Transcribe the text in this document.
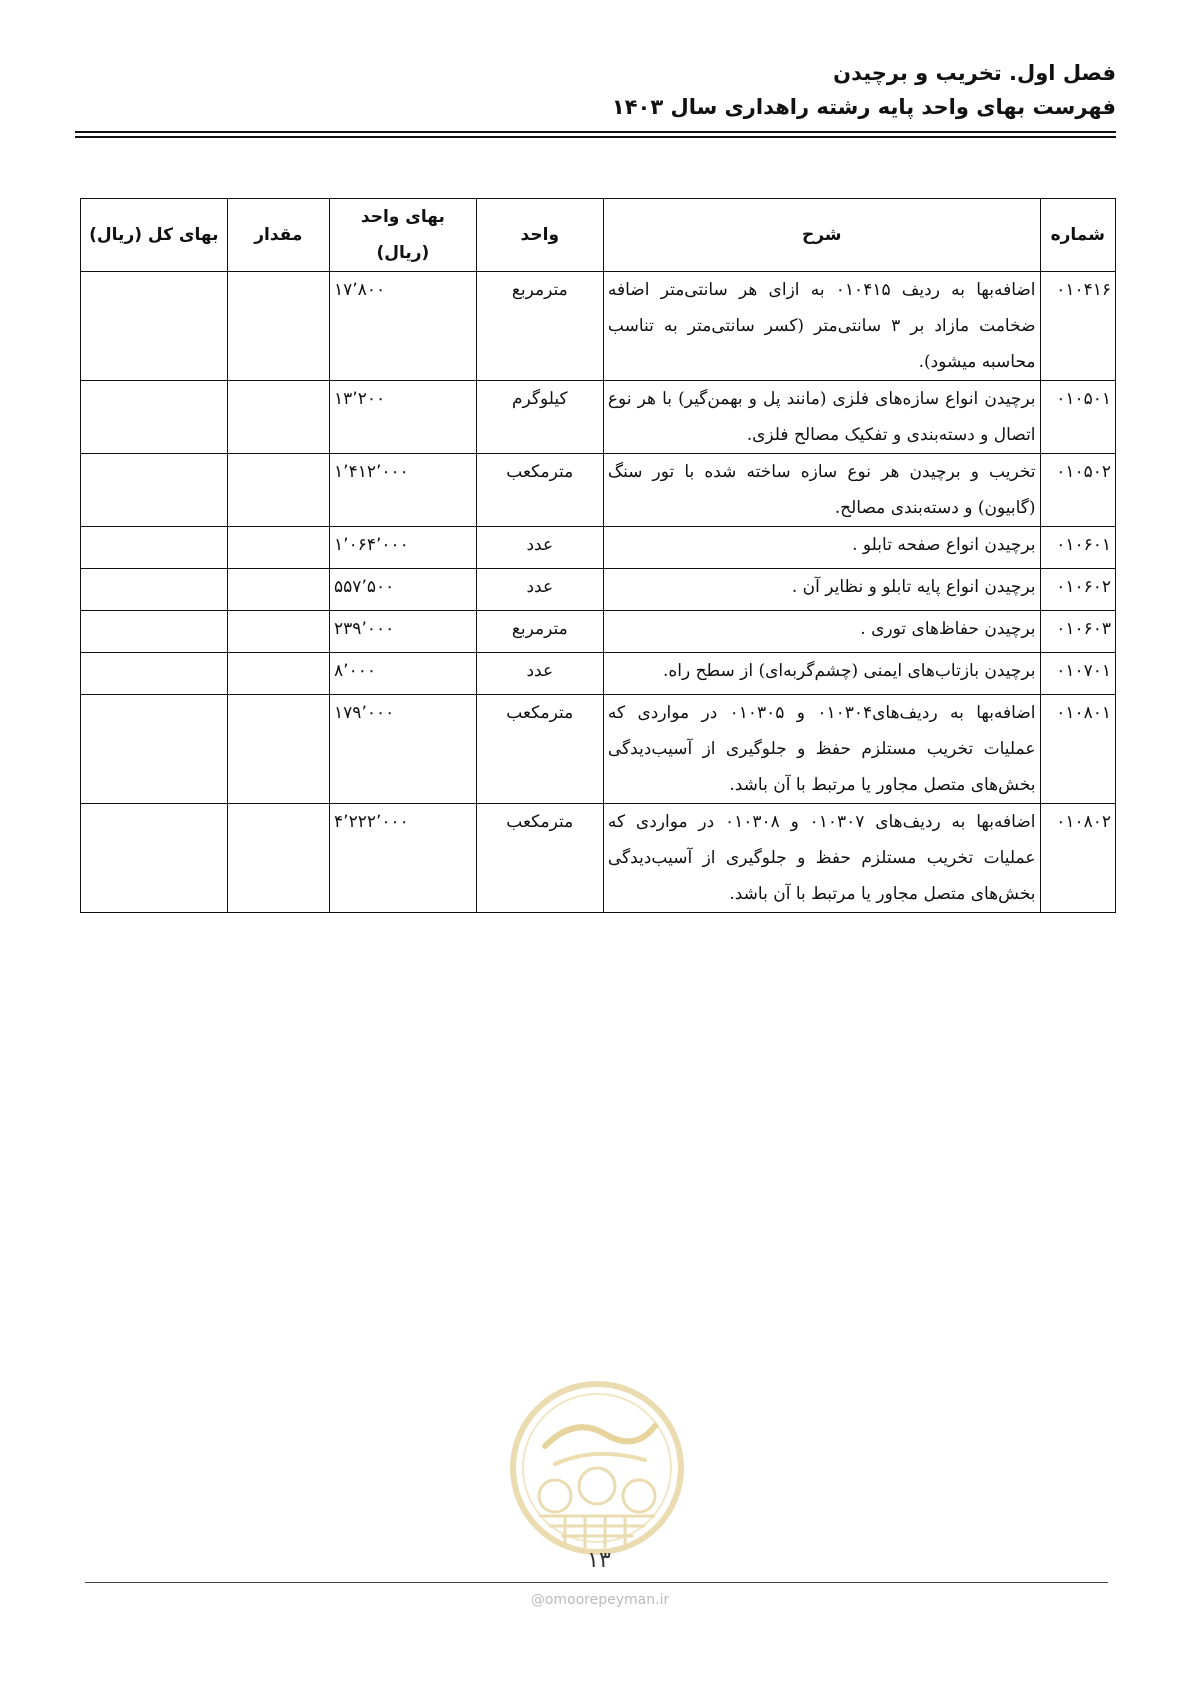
فصل اول. تخریب و برچیدن
فهرست بهای واحد پایه رشته راهداری سال ۱۴۰۳
شماره	شرح	واحد	بهای واحد (ریال)	مقدار	بهای کل (ریال)
۰۱۰۴۱۶	اضافه‌بها به ردیف ۰۱۰۴۱۵ به ازای هر سانتی‌متر اضافه ضخامت مازاد بر ۳ سانتی‌متر (کسر سانتی‌متر به تناسب محاسبه میشود).	مترمربع	۱۷٬۸۰۰		
۰۱۰۵۰۱	برچیدن انواع سازه‌های فلزی (مانند پل و بهمن‌گیر) با هر نوع اتصال و دسته‌بندی و تفکیک مصالح فلزی.	کیلوگرم	۱۳٬۲۰۰		
۰۱۰۵۰۲	تخریب و برچیدن هر نوع سازه ساخته شده با تور سنگ (گابیون) و دسته‌بندی مصالح.	مترمکعب	۱٬۴۱۲٬۰۰۰		
۰۱۰۶۰۱	برچیدن انواع صفحه تابلو .	عدد	۱٬۰۶۴٬۰۰۰		
۰۱۰۶۰۲	برچیدن انواع پایه تابلو و نظایر آن .	عدد	۵۵۷٬۵۰۰		
۰۱۰۶۰۳	برچیدن حفاظ‌های توری .	مترمربع	۲۳۹٬۰۰۰		
۰۱۰۷۰۱	برچیدن بازتاب‌های ایمنی (چشم‌گربه‌ای) از سطح راه.	عدد	۸٬۰۰۰		
۰۱۰۸۰۱	اضافه‌بها به ردیف‌های۰۱۰۳۰۴ و ۰۱۰۳۰۵ در مواردی که عملیات تخریب مستلزم حفظ و جلوگیری از آسیب‌دیدگی بخش‌های متصل مجاور یا مرتبط با آن باشد.	مترمکعب	۱۷۹٬۰۰۰		
۰۱۰۸۰۲	اضافه‌بها به ردیف‌های ۰۱۰۳۰۷ و ۰۱۰۳۰۸ در مواردی که عملیات تخریب مستلزم حفظ و جلوگیری از آسیب‌دیدگی بخش‌های متصل مجاور یا مرتبط با آن باشد.	مترمکعب	۴٬۲۲۲٬۰۰۰		
۱۳
@omoorepeyman.ir
